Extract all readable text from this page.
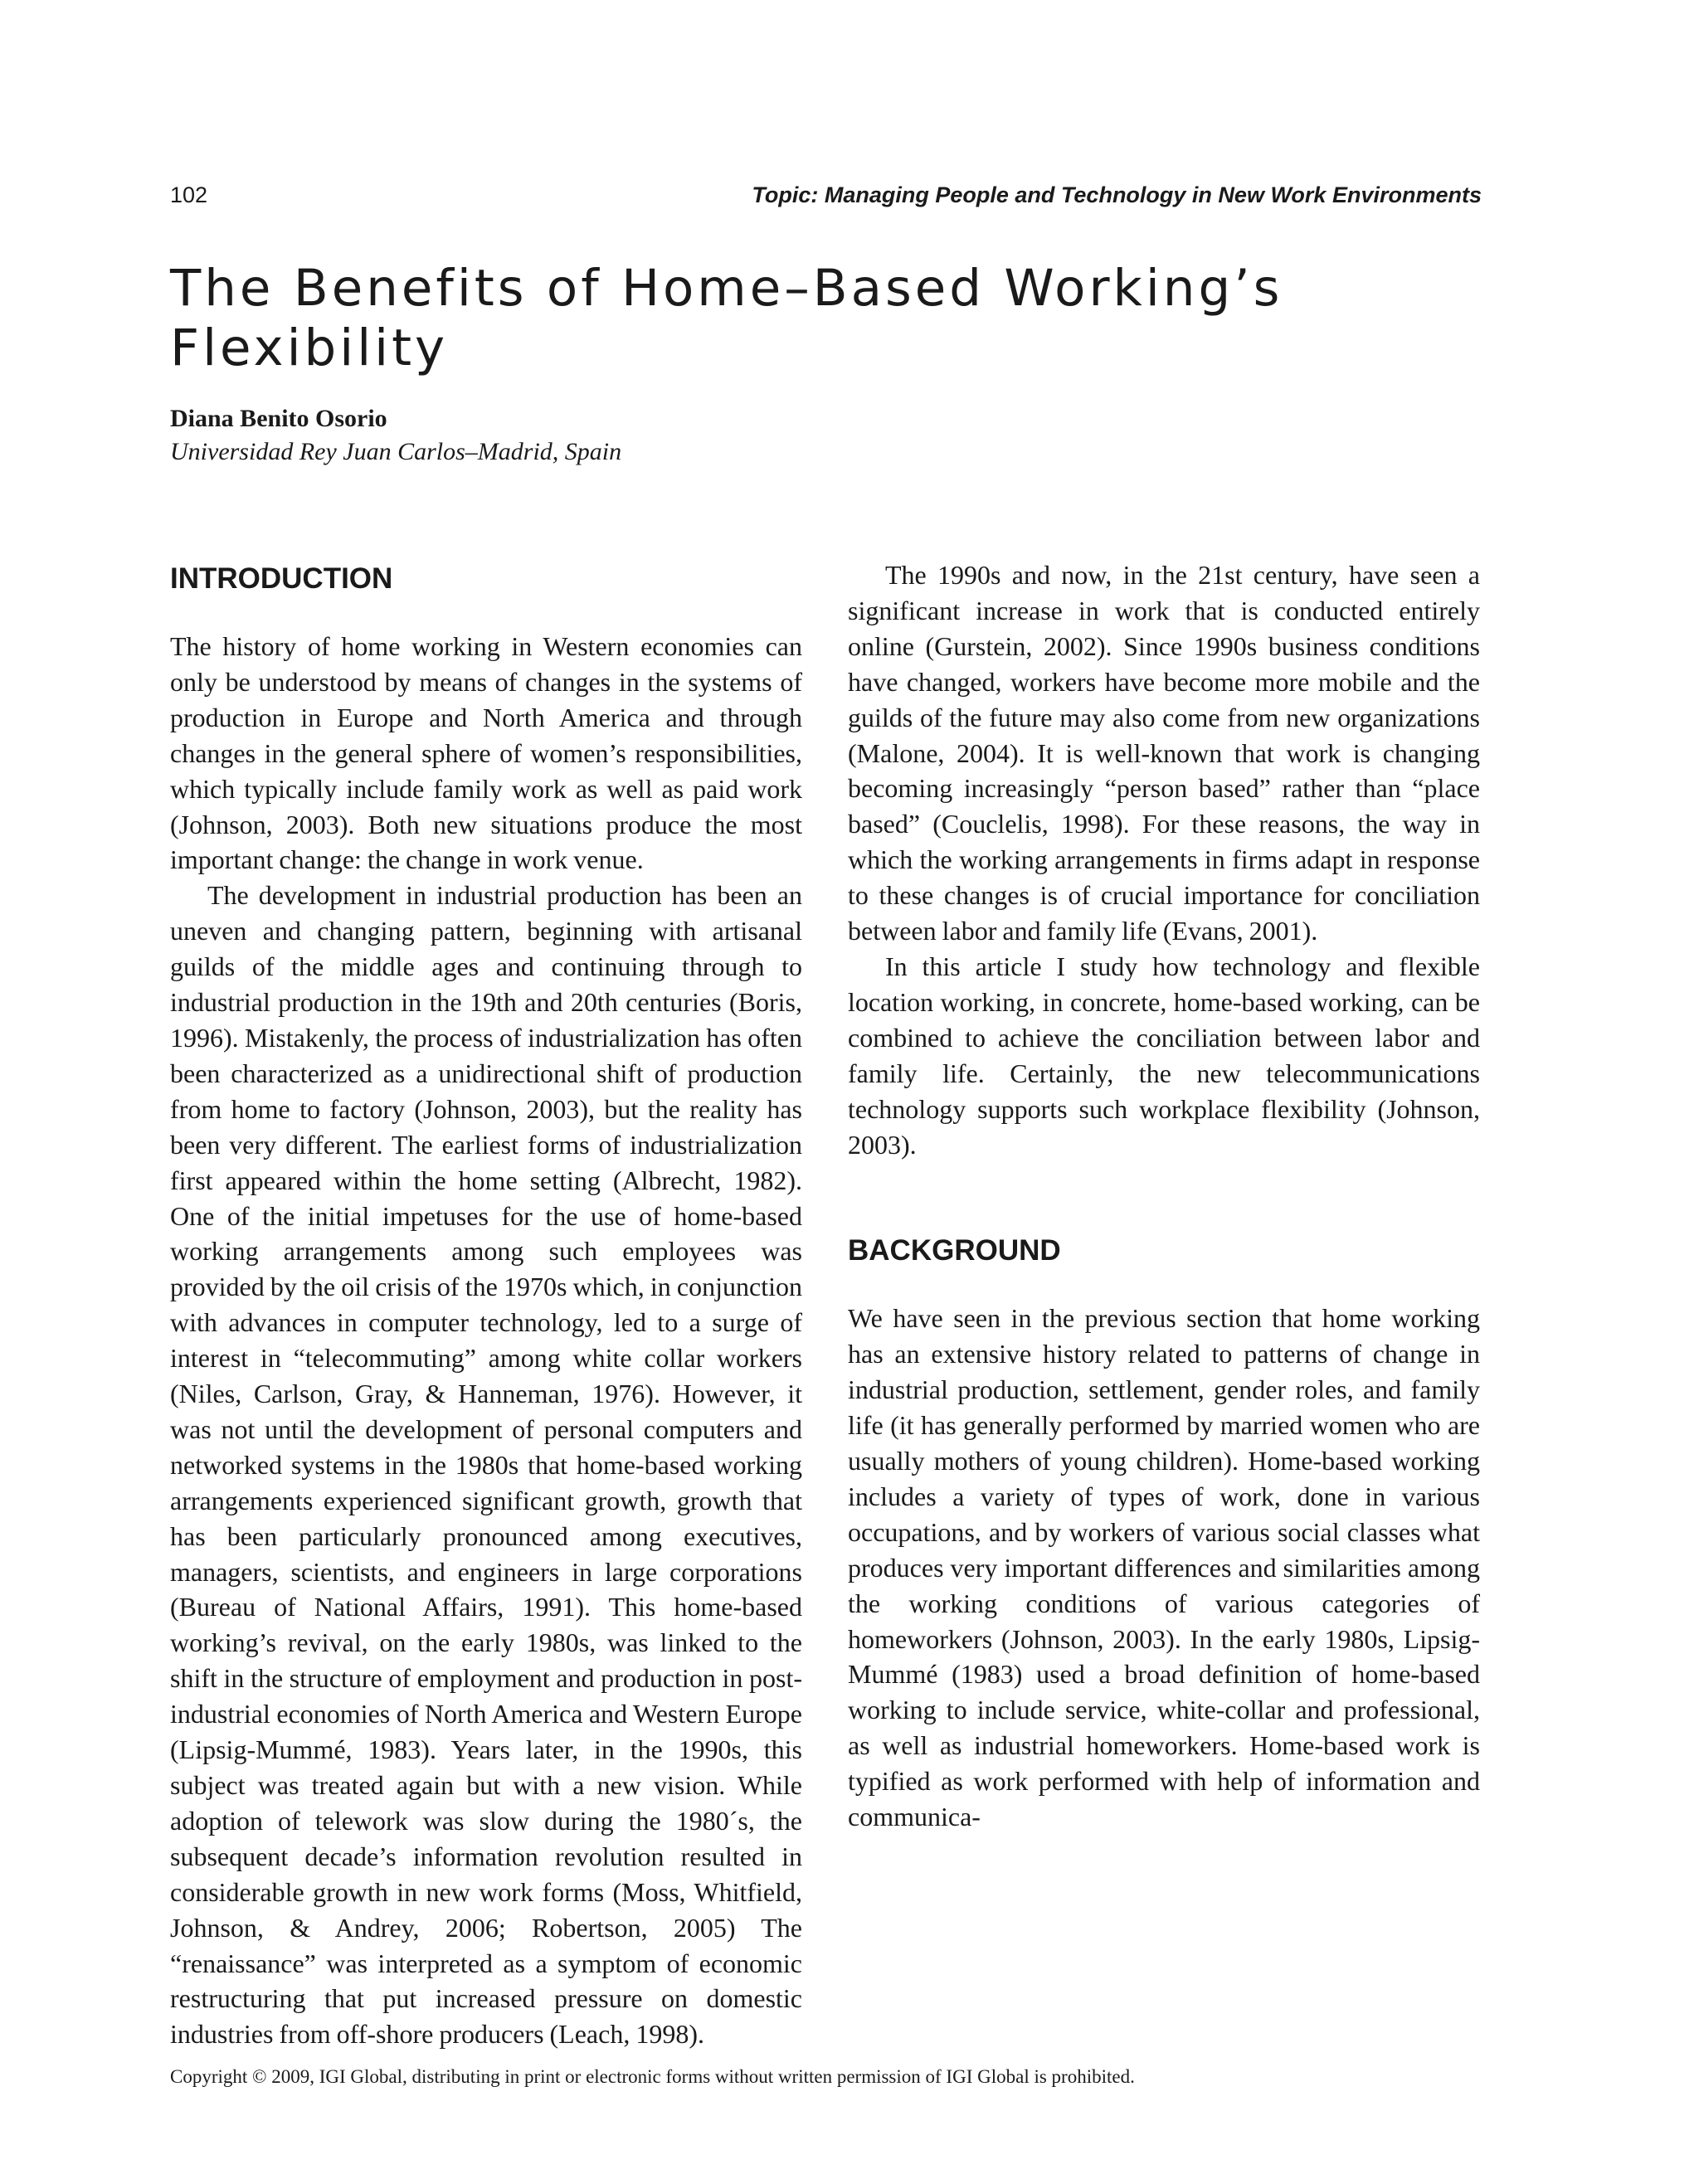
102	Topic: Managing People and Technology in New Work Environments
The Benefits of Home–Based Working’s Flexibility
Diana Benito Osorio
Universidad Rey Juan Carlos–Madrid, Spain
INTRODUCTION

The history of home working in Western economies can only be understood by means of changes in the systems of production in Europe and North America and through changes in the general sphere of women’s responsibilities, which typically include family work as well as paid work (Johnson, 2003). Both new situations produce the most important change: the change in work venue.

The development in industrial production has been an uneven and changing pattern, beginning with artisanal guilds of the middle ages and continuing through to industrial production in the 19th and 20th centuries (Boris, 1996). Mistakenly, the process of industrialization has often been characterized as a unidirectional shift of production from home to factory (Johnson, 2003), but the reality has been very different. The earliest forms of industrialization first appeared within the home setting (Albrecht, 1982). One of the initial impetuses for the use of home-based working arrangements among such employees was provided by the oil crisis of the 1970s which, in conjunction with advances in computer technology, led to a surge of interest in “telecommuting” among white collar workers (Niles, Carlson, Gray, & Hanneman, 1976). However, it was not until the development of personal computers and networked systems in the 1980s that home-based working arrangements experienced significant growth, growth that has been particularly pronounced among executives, managers, scientists, and engineers in large corporations (Bureau of National Affairs, 1991). This home-based working’s revival, on the early 1980s, was linked to the shift in the structure of employment and production in post-industrial economies of North America and Western Europe (Lipsig-Mummé, 1983). Years later, in the 1990s, this subject was treated again but with a new vision. While adoption of telework was slow during the 1980´s, the subsequent decade’s information revolution resulted in considerable growth in new work forms (Moss, Whitfield, Johnson, & Andrey, 2006; Robertson, 2005) The “renaissance” was interpreted as a symptom of economic restructuring that put increased pressure on domestic industries from off-shore producers (Leach, 1998).

The 1990s and now, in the 21st century, have seen a significant increase in work that is conducted entirely online (Gurstein, 2002). Since 1990s business conditions have changed, workers have become more mobile and the guilds of the future may also come from new organizations (Malone, 2004). It is well-known that work is changing becoming increasingly “person based” rather than “place based” (Couclelis, 1998). For these reasons, the way in which the working arrangements in firms adapt in response to these changes is of crucial importance for conciliation between labor and family life (Evans, 2001).

In this article I study how technology and flexible location working, in concrete, home-based working, can be combined to achieve the conciliation between labor and family life. Certainly, the new telecommunications technology supports such workplace flexibility (Johnson, 2003).

BACKGROUND

We have seen in the previous section that home working has an extensive history related to patterns of change in industrial production, settlement, gender roles, and family life (it has generally performed by married women who are usually mothers of young children). Home-based working includes a variety of types of work, done in various occupations, and by workers of various social classes what produces very important differences and similarities among the working conditions of various categories of homeworkers (Johnson, 2003). In the early 1980s, Lipsig-Mummé (1983) used a broad definition of home-based working to include service, white-collar and professional, as well as industrial homeworkers. Home-based work is typified as work performed with help of information and communica-

Copyright © 2009, IGI Global, distributing in print or electronic forms without written permission of IGI Global is prohibited.
